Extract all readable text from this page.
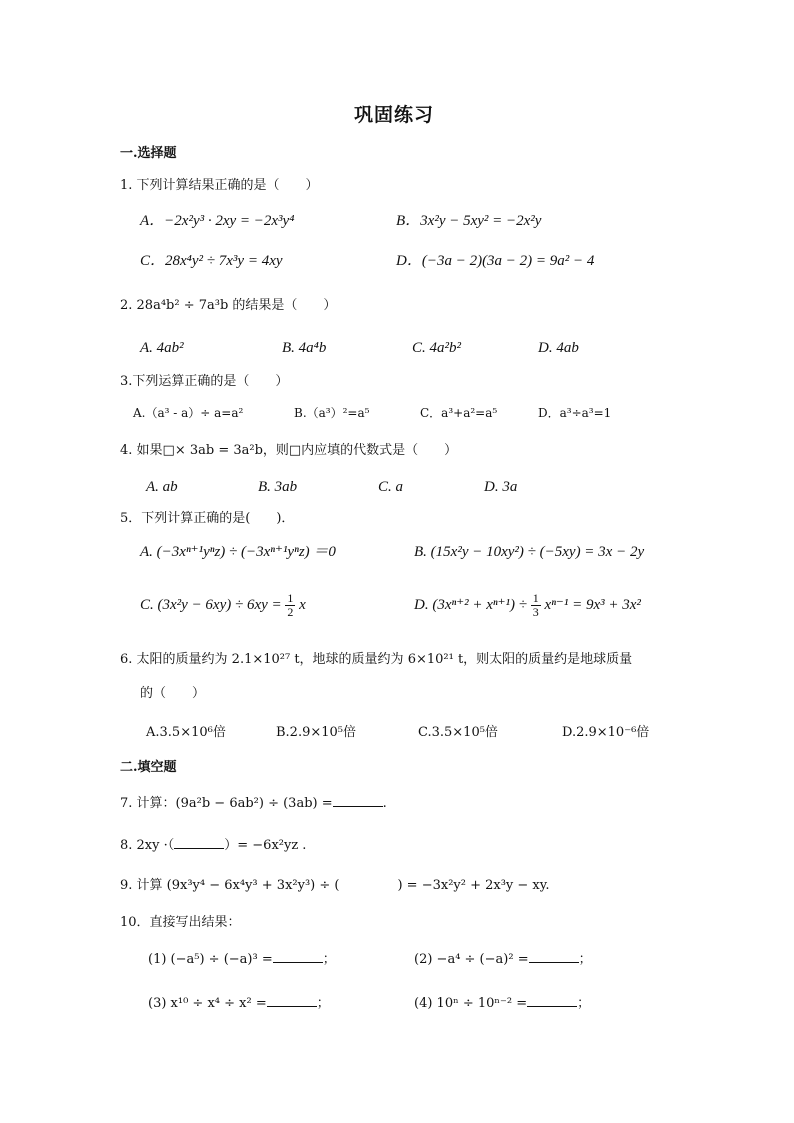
巩固练习
一.选择题
1. 下列计算结果正确的是（　　）
A．−2x²y³ · 2xy = −2x³y⁴	B．3x²y − 5xy² = −2x²y
C．28x⁴y² ÷ 7x³y = 4xy	D．(−3a − 2)(3a − 2) = 9a² − 4
2. 28a⁴b² ÷ 7a³b 的结果是（　　）
A. 4ab²	B. 4a⁴b	C. 4a²b²	D. 4ab
3.下列运算正确的是（　　）
A.（a³ - a）÷ a=a²	B.（a³）²=a⁵	C．a³+a²=a⁵	D．a³÷a³=1
4. 如果□× 3ab = 3a²b，则□内应填的代数式是（　　）
A. ab	B. 3ab	C. a	D. 3a
5．下列计算正确的是(　　)．
A. (−3xⁿ⁺¹yⁿz) ÷ (−3xⁿ⁺¹yⁿz) ＝0	B. (15x²y − 10xy²) ÷ (−5xy) = 3x − 2y
C. $(3x^2y - 6xy) \div 6xy = \frac{1}{2}$ x	D. $(3x^{n+2} + x^{n+1}) \div \frac{1}{3} x^{n-1} = 9x^3 + 3x^2$
6. 太阳的质量约为 2.1×10²⁷ t，地球的质量约为 6×10²¹ t，则太阳的质量约是地球质量
的（　　）
A.3.5×10⁶倍	B.2.9×10⁵倍	C.3.5×10⁵倍	D.2.9×10⁻⁶倍
二.填空题
7. 计算：(9a²b − 6ab²) ÷ (3ab) =	.
8. 2xy ·（	）= −6x²yz .
9. 计算 (9x³y⁴ − 6x⁴y³ + 3x²y³) ÷ (	) = −3x²y² + 2x³y − xy.
10．直接写出结果：
(1) (−a⁵) ÷ (−a)³ =	；	(2) −a⁴ ÷ (−a)² =	；
(3) x¹⁰ ÷ x⁴ ÷ x² =	；	(4) 10ⁿ ÷ 10ⁿ⁻² =	；
